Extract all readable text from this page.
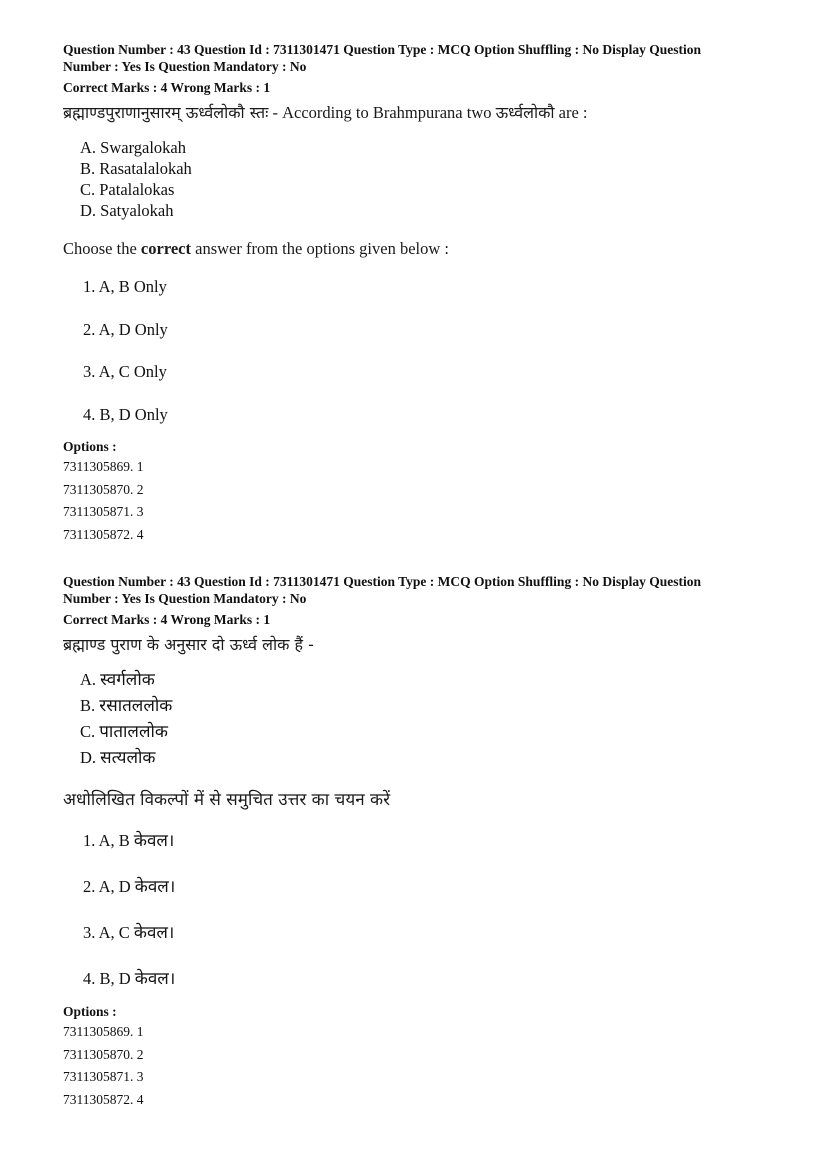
Question Number : 43 Question Id : 7311301471 Question Type : MCQ Option Shuffling : No Display Question

Number : Yes Is Question Mandatory : No

Correct Marks : 4 Wrong Marks : 1
ब्रह्माण्डपुराणानुसारम् ऊर्ध्वलोकौ स्तः - According to Brahmpurana two ऊर्ध्वलोकौ are :
A. Swargalokah
B. Rasatalalokah
C. Patalalokas
D. Satyalokah
Choose the correct answer from the options given below :
1. A, B Only
2. A, D Only
3. A, C Only
4. B, D Only
Options :
7311305869. 1
7311305870. 2
7311305871. 3
7311305872. 4

Question Number : 43 Question Id : 7311301471 Question Type : MCQ Option Shuffling : No Display Question

Number : Yes Is Question Mandatory : No

Correct Marks : 4 Wrong Marks : 1
ब्रह्माण्ड पुराण के अनुसार दो ऊर्ध्व लोक हैं -
A. स्वर्गलोक
B. रसातललोक
C. पाताललोक
D. सत्यलोक
अधोलिखित विकल्पों में से समुचित उत्तर का चयन करें
1. A, B केवल।
2. A, D केवल।
3. A, C केवल।
4. B, D केवल।
Options :
7311305869. 1
7311305870. 2
7311305871. 3
7311305872. 4
